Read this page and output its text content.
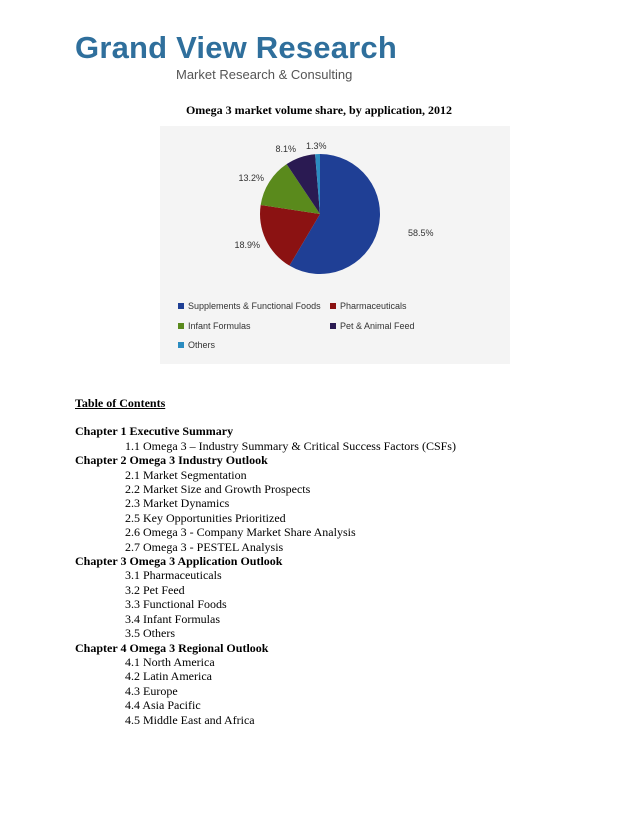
Grand View Research
Market Research & Consulting
Omega 3 market volume share, by application, 2012
58.5%
18.9%
13.2%
8.1% 1.3%
Supplements & Functional Foods Pharmaceuticals
Infant Formulas	Pet & Animal Feed
Others
Table of Contents
Chapter 1 Executive Summary
1.1 Omega 3 – Industry Summary & Critical Success Factors (CSFs)
Chapter 2 Omega 3 Industry Outlook
2.1 Market Segmentation
2.2 Market Size and Growth Prospects
2.3 Market Dynamics
2.5 Key Opportunities Prioritized
2.6 Omega 3 - Company Market Share Analysis
2.7 Omega 3 - PESTEL Analysis
Chapter 3 Omega 3 Application Outlook
3.1 Pharmaceuticals
3.2 Pet Feed
3.3 Functional Foods
3.4 Infant Formulas
3.5 Others
Chapter 4 Omega 3 Regional Outlook
4.1 North America
4.2 Latin America
4.3 Europe
4.4 Asia Pacific
4.5 Middle East and Africa
